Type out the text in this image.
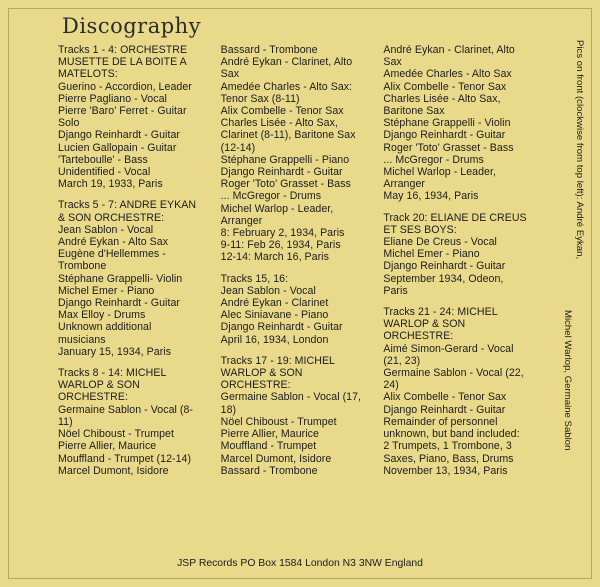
Discography

Tracks 1 - 4: ORCHESTRE

MUSETTE DE LA BOITE A

MATELOTS:

Guerino - Accordion, Leader

Pierre Pagliano - Vocal

Pierre 'Baro' Ferret - Guitar

Solo

Django Reinhardt - Guitar

Lucien Gallopain - Guitar

'Tarteboulle' - Bass

Unidentified - Vocal

March 19, 1933, Paris

Tracks 5 - 7: ANDRE EYKAN

& SON ORCHESTRE:

Jean Sablon - Vocal

André Eykan - Alto Sax

Eugène d'Hellemmes -

Trombone

Stéphane Grappelli- Violin

Michel Emer - Piano

Django Reinhardt - Guitar

Max Elloy - Drums

Unknown additional

musicians

January 15, 1934, Paris

Tracks 8 - 14: MICHEL

WARLOP & SON

ORCHESTRE:

Germaine Sablon - Vocal (8-

11)

Nöel Chiboust - Trumpet

Pierre Allier, Maurice

Mouffland - Trumpet (12-14)

Marcel Dumont, Isidore

Bassard - Trombone

André Eykan - Clarinet, Alto

Sax

Amedée Charles - Alto Sax:

Tenor Sax (8-11)

Alix Combelle - Tenor Sax

Charles Lisée - Alto Sax,

Clarinet (8-11), Baritone Sax

(12-14)

Stéphane Grappelli - Piano

Django Reinhardt - Guitar

Roger 'Toto' Grasset - Bass

... McGregor - Drums

Michel Warlop - Leader,

Arranger

8: February 2, 1934, Paris

9-11: Feb 26, 1934, Paris

12-14: March 16, Paris

Tracks 15, 16:

Jean Sablon - Vocal

André Eykan - Clarinet

Alec Siniavane - Piano

Django Reinhardt - Guitar

April 16, 1934, London

Tracks 17 - 19: MICHEL

WARLOP & SON

ORCHESTRE:

Germaine Sablon - Vocal (17,

18)

Nöel Chiboust - Trumpet

Pierre Allier, Maurice

Mouffland - Trumpet

Marcel Dumont, Isidore

Bassard - Trombone

André Eykan - Clarinet, Alto

Sax

Amedée Charles - Alto Sax

Alix Combelle - Tenor Sax

Charles Lisée - Alto Sax,

Baritone Sax

Stéphane Grappelli - Violin

Django Reinhardt - Guitar

Roger 'Toto' Grasset - Bass

... McGregor - Drums

Michel Warlop - Leader,

Arranger

May 16, 1934, Paris

Track 20: ELIANE DE CREUS

ET SES BOYS:

Eliane De Creus - Vocal

Michel Emer - Piano

Django Reinhardt - Guitar

September 1934, Odeon,

Paris

Tracks 21 - 24: MICHEL

WARLOP & SON

ORCHESTRE:

Aimé Simon-Gerard - Vocal

(21, 23)

Germaine Sablon - Vocal (22,

24)

Alix Combelle - Tenor Sax

Django Reinhardt - Guitar

Remainder of personnel

unknown, but band included:

2 Trumpets, 1 Trombone, 3

Saxes, Piano, Bass, Drums

November 13, 1934, Paris

Pics on front (clockwise from top left): André Eykan,
Michel Warlop, Germaine Sablon
JSP Records PO Box 1584 London N3 3NW England
